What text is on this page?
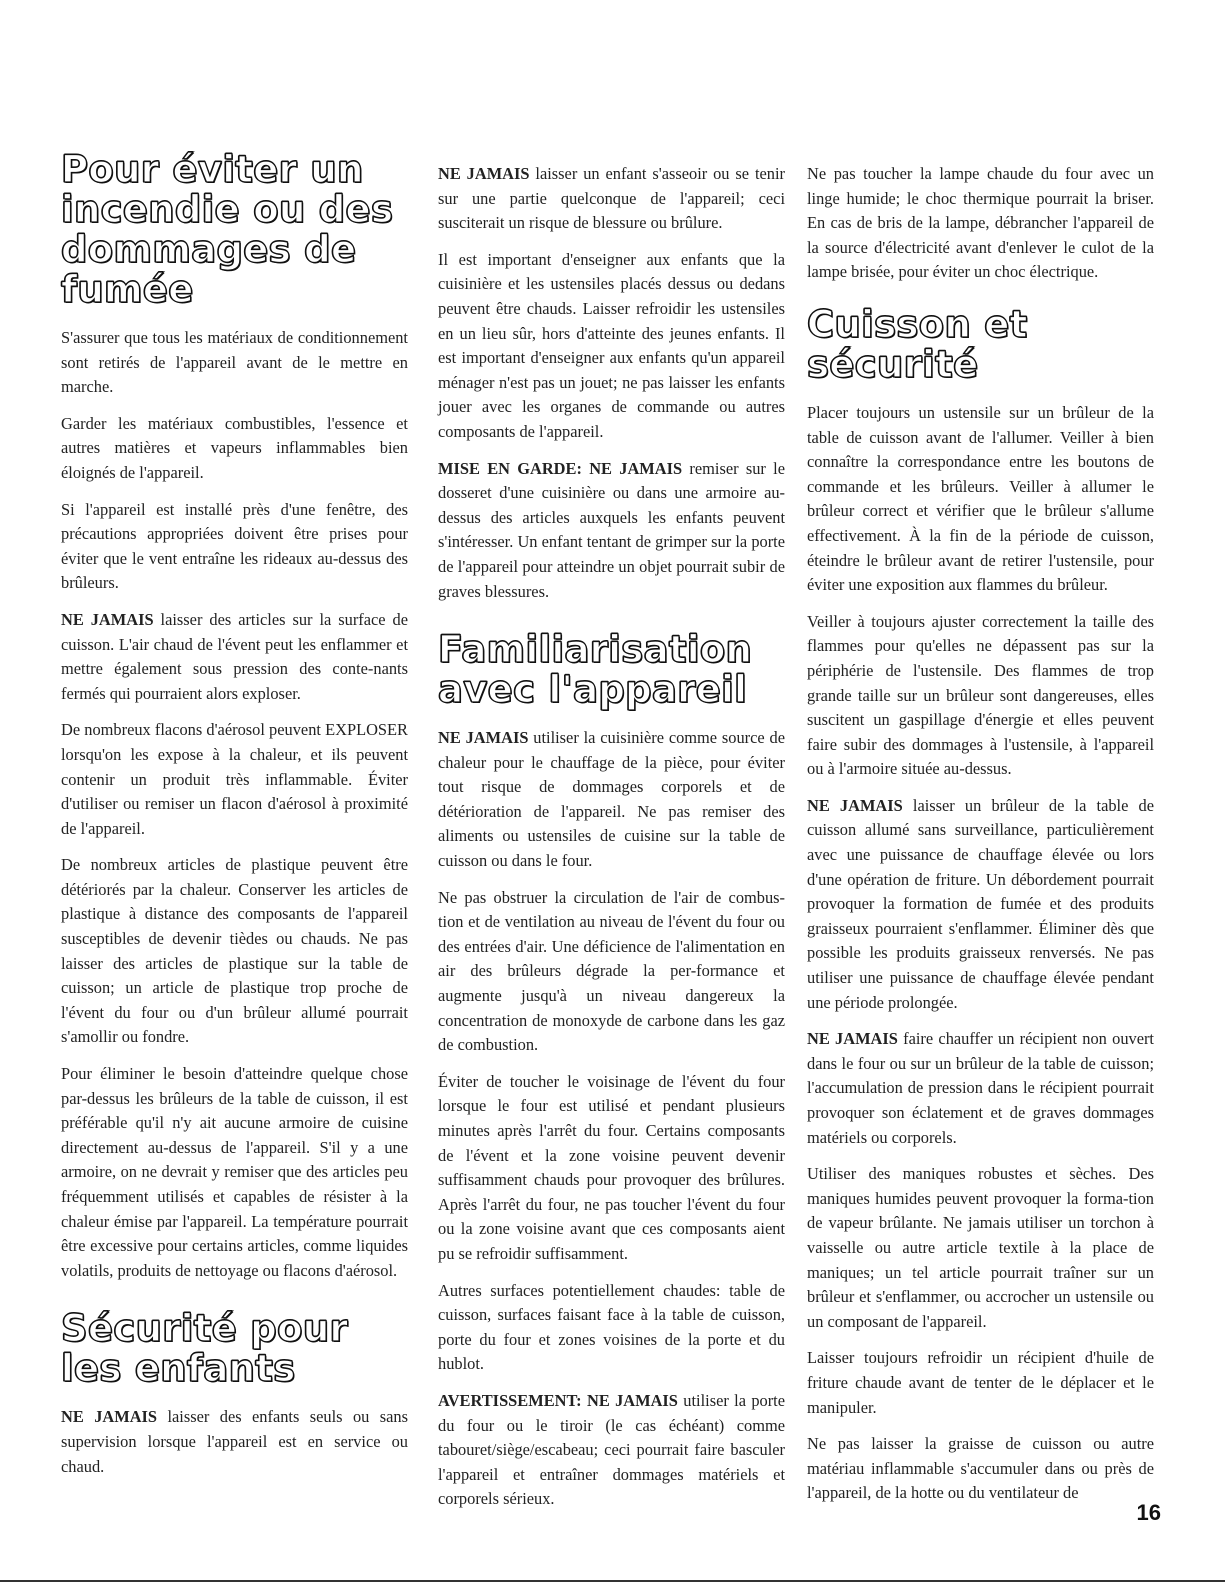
Pour éviter un incendie ou des dommages de fumée

S'assurer que tous les matériaux de conditionnement sont retirés de l'appareil avant de le mettre en marche.

Garder les matériaux combustibles, l'essence et autres matières et vapeurs inflammables bien éloignés de l'appareil.

Si l'appareil est installé près d'une fenêtre, des précautions appropriées doivent être prises pour éviter que le vent entraîne les rideaux au-dessus des brûleurs.

NE JAMAIS laisser des articles sur la surface de cuisson. L'air chaud de l'évent peut les enflammer et mettre également sous pression des conte-nants fermés qui pourraient alors exploser.

De nombreux flacons d'aérosol peuvent EXPLOSER lorsqu'on les expose à la chaleur, et ils peuvent contenir un produit très inflammable. Éviter d'utiliser ou remiser un flacon d'aérosol à proximité de l'appareil.

De nombreux articles de plastique peuvent être détériorés par la chaleur. Conserver les articles de plastique à distance des composants de l'appareil susceptibles de devenir tièdes ou chauds. Ne pas laisser des articles de plastique sur la table de cuisson; un article de plastique trop proche de l'évent du four ou d'un brûleur allumé pourrait s'amollir ou fondre.

Pour éliminer le besoin d'atteindre quelque chose par-dessus les brûleurs de la table de cuisson, il est préférable qu'il n'y ait aucune armoire de cuisine directement au-dessus de l'appareil. S'il y a une armoire, on ne devrait y remiser que des articles peu fréquemment utilisés et capables de résister à la chaleur émise par l'appareil. La température pourrait être excessive pour certains articles, comme liquides volatils, produits de nettoyage ou flacons d'aérosol.

Sécurité pour les enfants

NE JAMAIS laisser des enfants seuls ou sans supervision lorsque l'appareil est en service ou chaud.

NE JAMAIS laisser un enfant s'asseoir ou se tenir sur une partie quelconque de l'appareil; ceci susciterait un risque de blessure ou brûlure.

Il est important d'enseigner aux enfants que la cuisinière et les ustensiles placés dessus ou dedans peuvent être chauds. Laisser refroidir les ustensiles en un lieu sûr, hors d'atteinte des jeunes enfants. Il est important d'enseigner aux enfants qu'un appareil ménager n'est pas un jouet; ne pas laisser les enfants jouer avec les organes de commande ou autres composants de l'appareil.

MISE EN GARDE: NE JAMAIS remiser sur le dosseret d'une cuisinière ou dans une armoire au-dessus des articles auxquels les enfants peuvent s'intéresser. Un enfant tentant de grimper sur la porte de l'appareil pour atteindre un objet pourrait subir de graves blessures.

Familiarisation avec l'appareil

NE JAMAIS utiliser la cuisinière comme source de chaleur pour le chauffage de la pièce, pour éviter tout risque de dommages corporels et de détérioration de l'appareil. Ne pas remiser des aliments ou ustensiles de cuisine sur la table de cuisson ou dans le four.

Ne pas obstruer la circulation de l'air de combus-tion et de ventilation au niveau de l'évent du four ou des entrées d'air. Une déficience de l'alimentation en air des brûleurs dégrade la per-formance et augmente jusqu'à un niveau dangereux la concentration de monoxyde de carbone dans les gaz de combustion.

Éviter de toucher le voisinage de l'évent du four lorsque le four est utilisé et pendant plusieurs minutes après l'arrêt du four. Certains composants de l'évent et la zone voisine peuvent devenir suffisamment chauds pour provoquer des brûlures. Après l'arrêt du four, ne pas toucher l'évent du four ou la zone voisine avant que ces composants aient pu se refroidir suffisamment.

Autres surfaces potentiellement chaudes: table de cuisson, surfaces faisant face à la table de cuisson, porte du four et zones voisines de la porte et du hublot.

AVERTISSEMENT: NE JAMAIS utiliser la porte du four ou le tiroir (le cas échéant) comme tabouret/siège/escabeau; ceci pourrait faire basculer l'appareil et entraîner dommages matériels et corporels sérieux.

Ne pas toucher la lampe chaude du four avec un linge humide; le choc thermique pourrait la briser. En cas de bris de la lampe, débrancher l'appareil de la source d'électricité avant d'enlever le culot de la lampe brisée, pour éviter un choc électrique.

Cuisson et sécurité

Placer toujours un ustensile sur un brûleur de la table de cuisson avant de l'allumer. Veiller à bien connaître la correspondance entre les boutons de commande et les brûleurs. Veiller à allumer le brûleur correct et vérifier que le brûleur s'allume effectivement. À la fin de la période de cuisson, éteindre le brûleur avant de retirer l'ustensile, pour éviter une exposition aux flammes du brûleur.

Veiller à toujours ajuster correctement la taille des flammes pour qu'elles ne dépassent pas sur la périphérie de l'ustensile. Des flammes de trop grande taille sur un brûleur sont dangereuses, elles suscitent un gaspillage d'énergie et elles peuvent faire subir des dommages à l'ustensile, à l'appareil ou à l'armoire située au-dessus.

NE JAMAIS laisser un brûleur de la table de cuisson allumé sans surveillance, particulièrement avec une puissance de chauffage élevée ou lors d'une opération de friture. Un débordement pourrait provoquer la formation de fumée et des produits graisseux pourraient s'enflammer. Éliminer dès que possible les produits graisseux renversés. Ne pas utiliser une puissance de chauffage élevée pendant une période prolongée.

NE JAMAIS faire chauffer un récipient non ouvert dans le four ou sur un brûleur de la table de cuisson; l'accumulation de pression dans le récipient pourrait provoquer son éclatement et de graves dommages matériels ou corporels.

Utiliser des maniques robustes et sèches. Des maniques humides peuvent provoquer la forma-tion de vapeur brûlante. Ne jamais utiliser un torchon à vaisselle ou autre article textile à la place de maniques; un tel article pourrait traîner sur un brûleur et s'enflammer, ou accrocher un ustensile ou un composant de l'appareil.

Laisser toujours refroidir un récipient d'huile de friture chaude avant de tenter de le déplacer et le manipuler.

Ne pas laisser la graisse de cuisson ou autre matériau inflammable s'accumuler dans ou près de l'appareil, de la hotte ou du ventilateur de

16
